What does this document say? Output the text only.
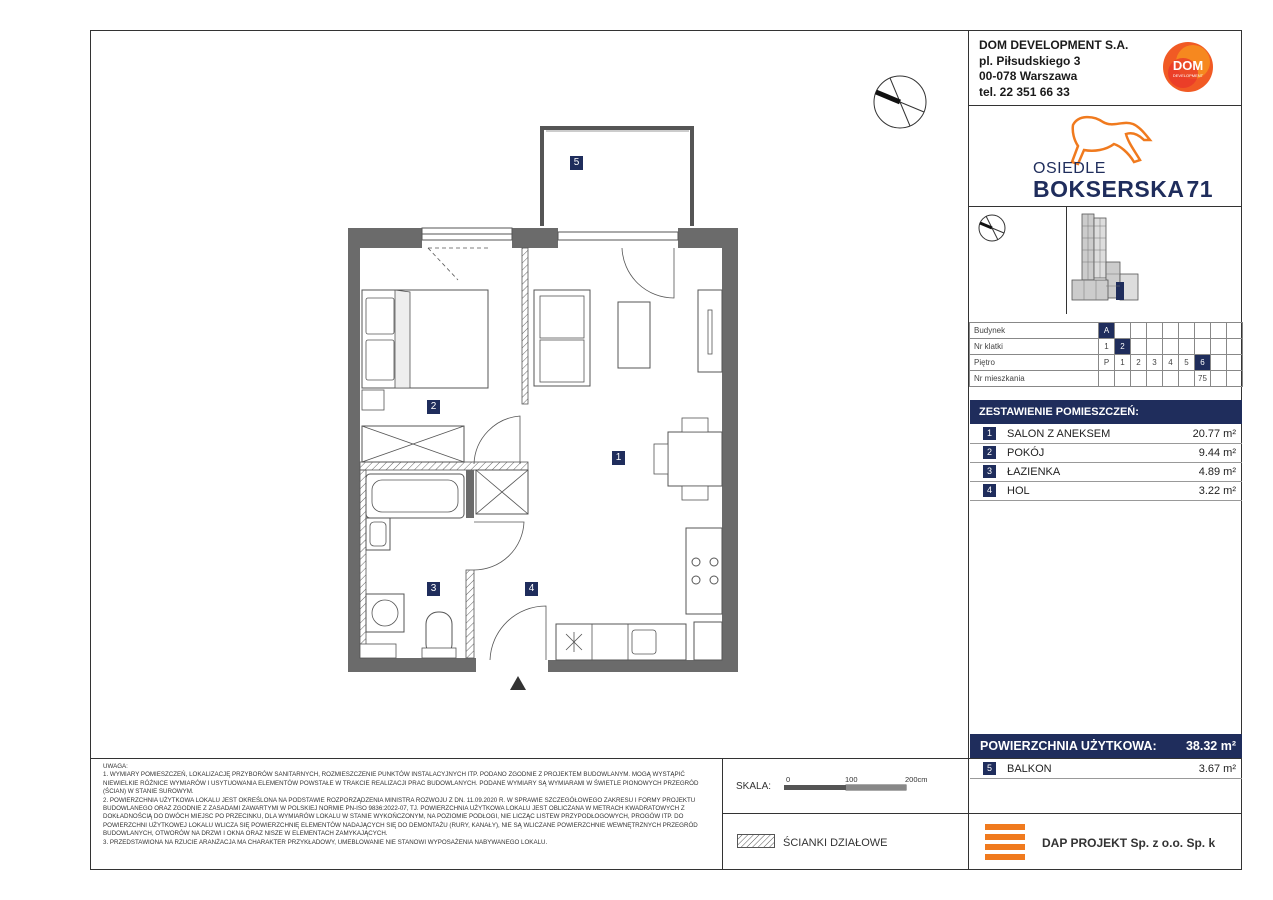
DOM DEVELOPMENT S.A.
pl. Piłsudskiego 3
00-078 Warszawa
tel. 22 351 66 33
DOM
DEVELOPMENT
OSIEDLE
BOKSERSKA71
Budynek	A								
Nr klatki	1	2							
Piętro	P	1	2	3	4	5	6		
Nr mieszkania							75		
ZESTAWIENIE POMIESZCZEŃ:
1	SALON Z ANEKSEM	20.77 m²
2	POKÓJ	9.44 m²
3	ŁAZIENKA	4.89 m²
4	HOL	3.22 m²
POWIERZCHNIA UŻYTKOWA: 38.32 m²
5	BALKON	3.67 m²
DAP PROJEKT Sp. z o.o. Sp. k

UWAGA:

1. WYMIARY POMIESZCZEŃ, LOKALIZACJĘ PRZYBORÓW SANITARNYCH, ROZMIESZCZENIE PUNKTÓW INSTALACYJNYCH ITP. PODANO ZGODNIE Z PROJEKTEM BUDOWLANYM. MOGĄ WYSTĄPIĆ NIEWIELKIE RÓŻNICE WYMIARÓW I USYTUOWANIA ELEMENTÓW POWSTAŁE W TRAKCIE REALIZACJI PRAC BUDOWLANYCH. PODANE WYMIARY SĄ WYMIARAMI W ŚWIETLE PIONOWYCH PRZEGRÓD (ŚCIAN) W STANIE SUROWYM.

2. POWIERZCHNIA UŻYTKOWA LOKALU JEST OKREŚLONA NA PODSTAWIE ROZPORZĄDZENIA MINISTRA ROZWOJU Z DN. 11.09.2020 R. W SPRAWIE SZCZEGÓŁOWEGO ZAKRESU I FORMY PROJEKTU BUDOWLANEGO ORAZ ZGODNIE Z ZASADAMI ZAWARTYMI W POLSKIEJ NORMIE PN-ISO 9836:2022-07, TJ. POWIERZCHNIA UŻYTKOWA LOKALU JEST OBLICZANA W METRACH KWADRATOWYCH Z DOKŁADNOŚCIĄ DO DWÓCH MIEJSC PO PRZECINKU, DLA WYMIARÓW LOKALU W STANIE WYKOŃCZONYM, NA POZIOMIE PODŁOGI, NIE LICZĄC LISTEW PRZYPODŁOGOWYCH, PROGÓW ITP. DO POWIERZCHNI UŻYTKOWEJ LOKALU WLICZA SIĘ POWIERZCHNIĘ ELEMENTÓW NADAJĄCYCH SIĘ DO DEMONTAŻU (RURY, KANAŁY), NIE SĄ WLICZANE POWIERZCHNIE WEWNĘTRZNYCH PRZEGRÓD BUDOWLANYCH, OTWORÓW NA DRZWI I OKNA ORAZ NISZE W ELEMENTACH ZAMYKAJĄCYCH.

3. PRZEDSTAWIONA NA RZUCIE ARANŻACJA MA CHARAKTER PRZYKŁADOWY, UMEBLOWANIE NIE STANOWI WYPOSAŻENIA NABYWANEGO LOKALU.

SKALA:
0	100	200cm
ŚCIANKI DZIAŁOWE
5
2
1
3	4
